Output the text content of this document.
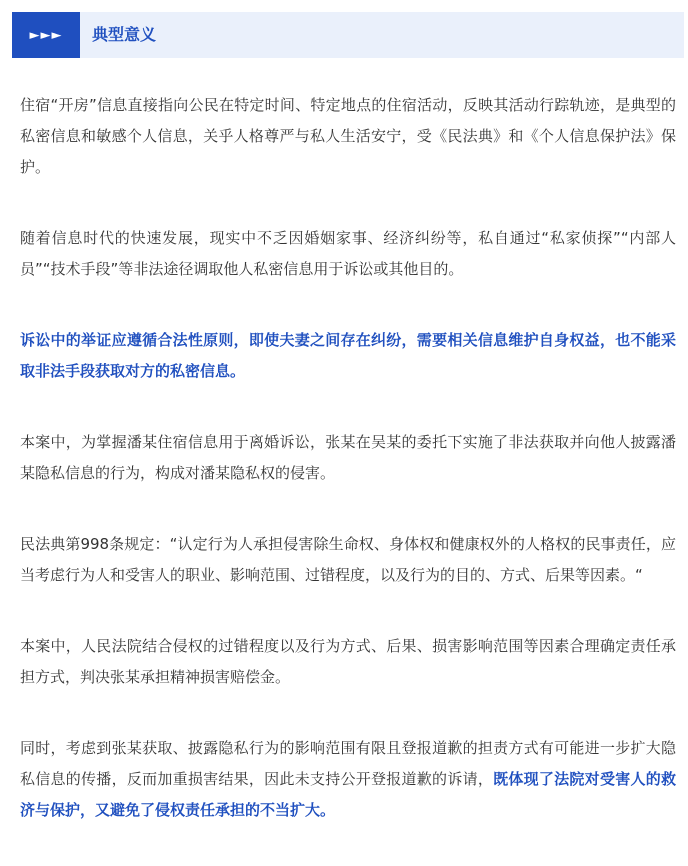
►►► 典型意义

住宿“开房”信息直接指向公民在特定时间、特定地点的住宿活动，反映其活动行踪轨迹，是典型的私密信息和敏感个人信息，关乎人格尊严与私人生活安宁，受《民法典》和《个人信息保护法》保护。

随着信息时代的快速发展，现实中不乏因婚姻家事、经济纠纷等，私自通过“私家侦探”“内部人员”“技术手段”等非法途径调取他人私密信息用于诉讼或其他目的。

诉讼中的举证应遵循合法性原则，即使夫妻之间存在纠纷，需要相关信息维护自身权益，也不能采取非法手段获取对方的私密信息。

本案中，为掌握潘某住宿信息用于离婚诉讼，张某在吴某的委托下实施了非法获取并向他人披露潘某隐私信息的行为，构成对潘某隐私权的侵害。

民法典第998条规定：“认定行为人承担侵害除生命权、身体权和健康权外的人格权的民事责任，应当考虑行为人和受害人的职业、影响范围、过错程度，以及行为的目的、方式、后果等因素。“

本案中，人民法院结合侵权的过错程度以及行为方式、后果、损害影响范围等因素合理确定责任承担方式，判决张某承担精神损害赔偿金。

同时，考虑到张某获取、披露隐私行为的影响范围有限且登报道歉的担责方式有可能进一步扩大隐私信息的传播，反而加重损害结果，因此未支持公开登报道歉的诉请，既体现了法院对受害人的救济与保护，又避免了侵权责任承担的不当扩大。
